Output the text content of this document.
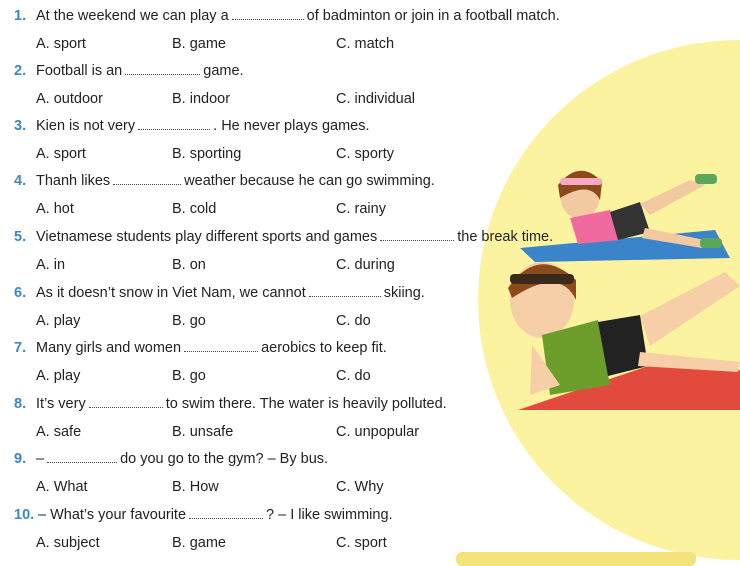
1. At the weekend we can play a	of badminton or join in a football match.
A. sport	B. game	C. match
2. Football is an	game.
A. outdoor	B. indoor	C. individual
3. Kien is not very	. He never plays games.
A. sport	B. sporting	C. sporty
4. Thanh likes	weather because he can go swimming.
A. hot	B. cold	C. rainy
5. Vietnamese students play different sports and games	the break time.
A. in	B. on	C. during
6. As it doesn’t snow in Viet Nam, we cannot	skiing.
A. play	B. go	C. do
7. Many girls and women	aerobics to keep fit.
A. play	B. go	C. do
8. It’s very	to swim there. The water is heavily polluted.
A. safe	B. unsafe	C. unpopular
9. –	do you go to the gym? – By bus.
A. What	B. How	C. Why
10. – What’s your favourite	? – I like swimming.
A. subject	B. game	C. sport
